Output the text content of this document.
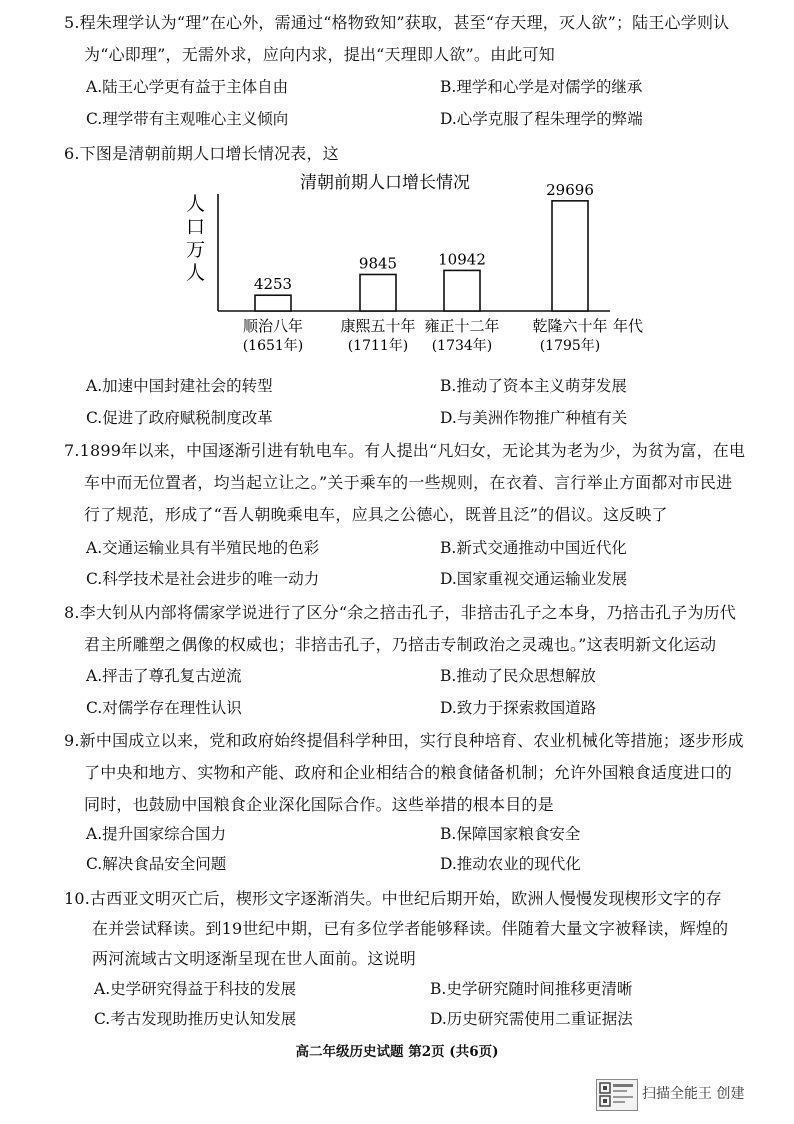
5.程朱理学认为“理”在心外，需通过“格物致知”获取，甚至“存天理，灭人欲”；陆王心学则认
为“心即理”，无需外求，应向内求，提出“天理即人欲”。由此可知
A.陆王心学更有益于主体自由	B.理学和心学是对儒学的继承
C.理学带有主观唯心主义倾向	D.心学克服了程朱理学的弊端
6.下图是清朝前期人口增长情况表，这
清朝前期人口增长情况
人
口
万
人
4253
9845	10942
29696
顺治八年
(1651年)
康熙五十年
(1711年)
雍正十二年
(1734年)
乾隆六十年
(1795年)
年代
A.加速中国封建社会的转型	B.推动了资本主义萌芽发展
C.促进了政府赋税制度改革	D.与美洲作物推广种植有关
7.1899年以来，中国逐渐引进有轨电车。有人提出“凡妇女，无论其为老为少，为贫为富，在电
车中而无位置者，均当起立让之。”关于乘车的一些规则，在衣着、言行举止方面都对市民进
行了规范，形成了“吾人朝晚乘电车，应具之公德心，既普且泛”的倡议。这反映了
A.交通运输业具有半殖民地的色彩	B.新式交通推动中国近代化
C.科学技术是社会进步的唯一动力	D.国家重视交通运输业发展
8.李大钊从内部将儒家学说进行了区分“余之掊击孔子，非掊击孔子之本身，乃掊击孔子为历代
君主所雕塑之偶像的权威也；非掊击孔子，乃掊击专制政治之灵魂也。”这表明新文化运动
A.抨击了尊孔复古逆流	B.推动了民众思想解放
C.对儒学存在理性认识	D.致力于探索救国道路
9.新中国成立以来，党和政府始终提倡科学种田，实行良种培育、农业机械化等措施；逐步形成
了中央和地方、实物和产能、政府和企业相结合的粮食储备机制；允许外国粮食适度进口的
同时，也鼓励中国粮食企业深化国际合作。这些举措的根本目的是
A.提升国家综合国力	B.保障国家粮食安全
C.解决食品安全问题	D.推动农业的现代化
10.古西亚文明灭亡后，楔形文字逐渐消失。中世纪后期开始，欧洲人慢慢发现楔形文字的存
在并尝试释读。到19世纪中期，已有多位学者能够释读。伴随着大量文字被释读，辉煌的
两河流域古文明逐渐呈现在世人面前。这说明
A.史学研究得益于科技的发展	B.史学研究随时间推移更清晰
C.考古发现助推历史认知发展	D.历史研究需使用二重证据法
高二年级历史试题 第2页 (共6页)
扫描全能王 创建
